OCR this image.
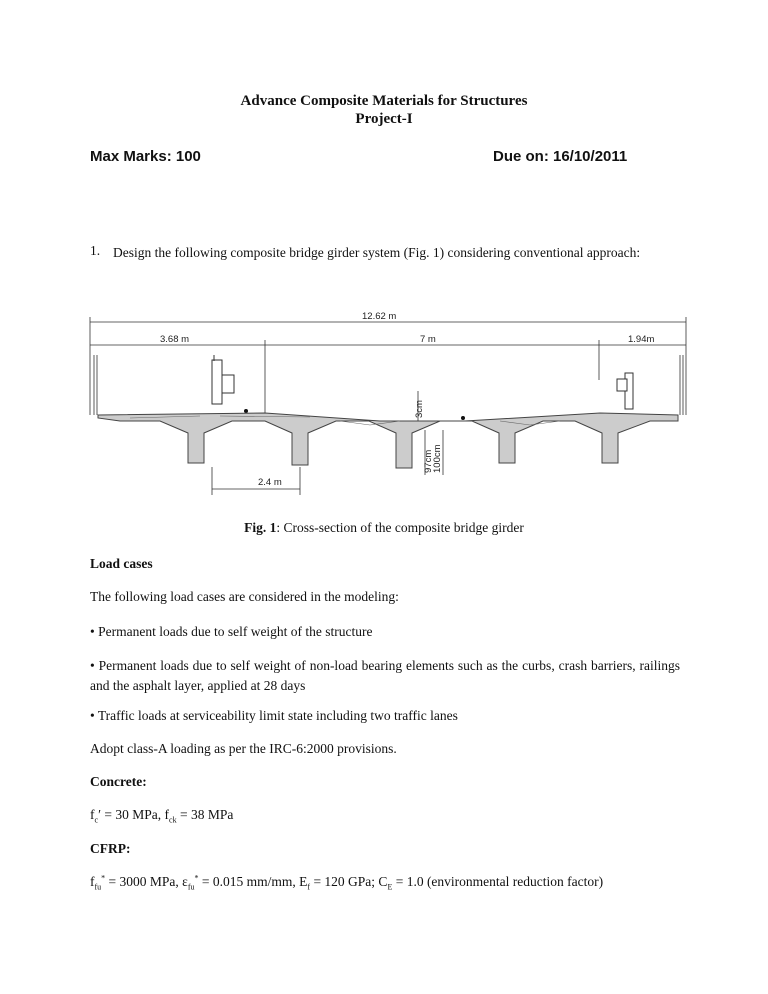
Advance Composite Materials for Structures
Project-I
Max Marks: 100	Due on: 16/10/2011
1. Design the following composite bridge girder system (Fig. 1) considering conventional approach:
12.62 m
3.68 m	7 m	1.94m
3cm
97cm
100cm
2.4 m
Fig. 1: Cross-section of the composite bridge girder
Load cases
The following load cases are considered in the modeling:
• Permanent loads due to self weight of the structure
• Permanent loads due to self weight of non-load bearing elements such as the curbs, crash barriers, railings and the asphalt layer, applied at 28 days
• Traffic loads at serviceability limit state including two traffic lanes
Adopt class-A loading as per the IRC-6:2000 provisions.
Concrete:
$f_c' = 30$ MPa, $f_{ck} = 38$ MPa
CFRP:
$f_{fu}^* = 3000$ MPa, $\varepsilon_{fu}^* = 0.015$ mm/mm, $E_f = 120$ GPa; $C_E = 1.0$ (environmental reduction factor)
